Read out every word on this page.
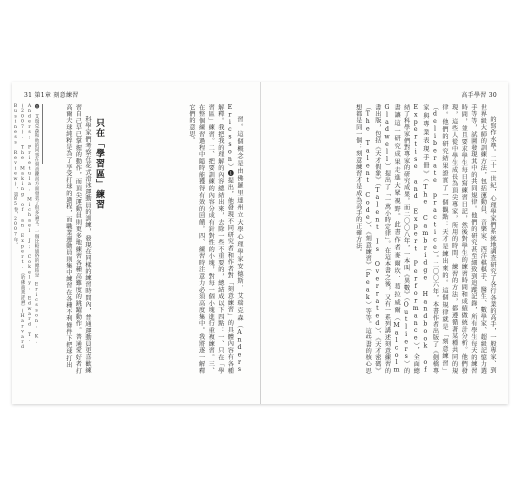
31 第1章 刻意練習

習。這個概念是由佛羅里達州立大學心理學家安德斯．艾瑞克森（Anders Ericsson）❶提出，他發現不同研究者和作者對「刻意練習」的具體內容有各種解釋。我把我的理解的內容總結出來，去除一些不重要的，總結成以下四點：一、只在「學習區」練習。二、把要訓練的內容分成有針對性的小塊，對每一個小塊進行重複練習。三、在整個練習過程中隨時能獲得有效的回饋。四、練習時注意力必須高度集中。我將逐一解釋它們的意思。

只在「學習區」練習

科學家們考察在花式滑冰運動員的訓練，發現在同樣的練習時間內，普通運動員更喜歡練習自己早已掌握的動作，而頂尖運動員則更多地練習各種高難度的跳躍動作。普通愛好者打高爾夫球純粹是為了享受打球的過程，而職業運動員則集中練習在各種不利條件下把球打出

❶ 艾瑞克森和他的同事在刻意練習方面發表了很多論文。一個比較通俗的總結是 Ericsson, K. Anders; Prietula, Michael J; Cokely, Edward T. (2007). The Making of an Expert.《哈佛商業評論》(Harvard Business Review)，第85卷，2007年。
高手學習 30

的寫作水準。二十一世紀，心理學家們系統地調查研究了各行各業的高手，一般專家、到世界級大師的訓練方法，包括運動員、音樂家、西洋棋棋手、醫生、數學家、超級記憶力選手等等，試圖發現其中的共同規律。他們的研究甚至細致到追蹤記錄，所有學生每天的練習時間，並且要求學生每日寫練習日記，然後對學生的練習時間和成績做統計分析。他們發現，這些人從中學生成長為頂尖專家，所用的時間、練習的方法，都遵循著某種共同的規律。他們的研究結果證實了一個觀點：天才是練出來的。這個規律就是「刻意練習」（deliberate practice）。二〇〇六年，本書作者出版了《劍橋專家與專業表現手冊》（The Cambridge Handbook of Expertise and Expert Performance），全面總結了科學家們對專家的研究成果。而二〇〇八年，一本叫《異數》（Outliers）的書讓這一研究成果走進大眾視野。此書作者麥爾坎．葛拉威爾（Malcolm Gladwell）提出了「一萬小時定律」。在這本書之後，又有一系列講述刻意練習的書出版，包括《天才假象》（Talent Is Overrated）、《天才密碼》（The Talent Code）、《刻意練習》（Peak）等等。這些書的核心思想都是同一個：刻意練習才是成為高手的正確方法。
